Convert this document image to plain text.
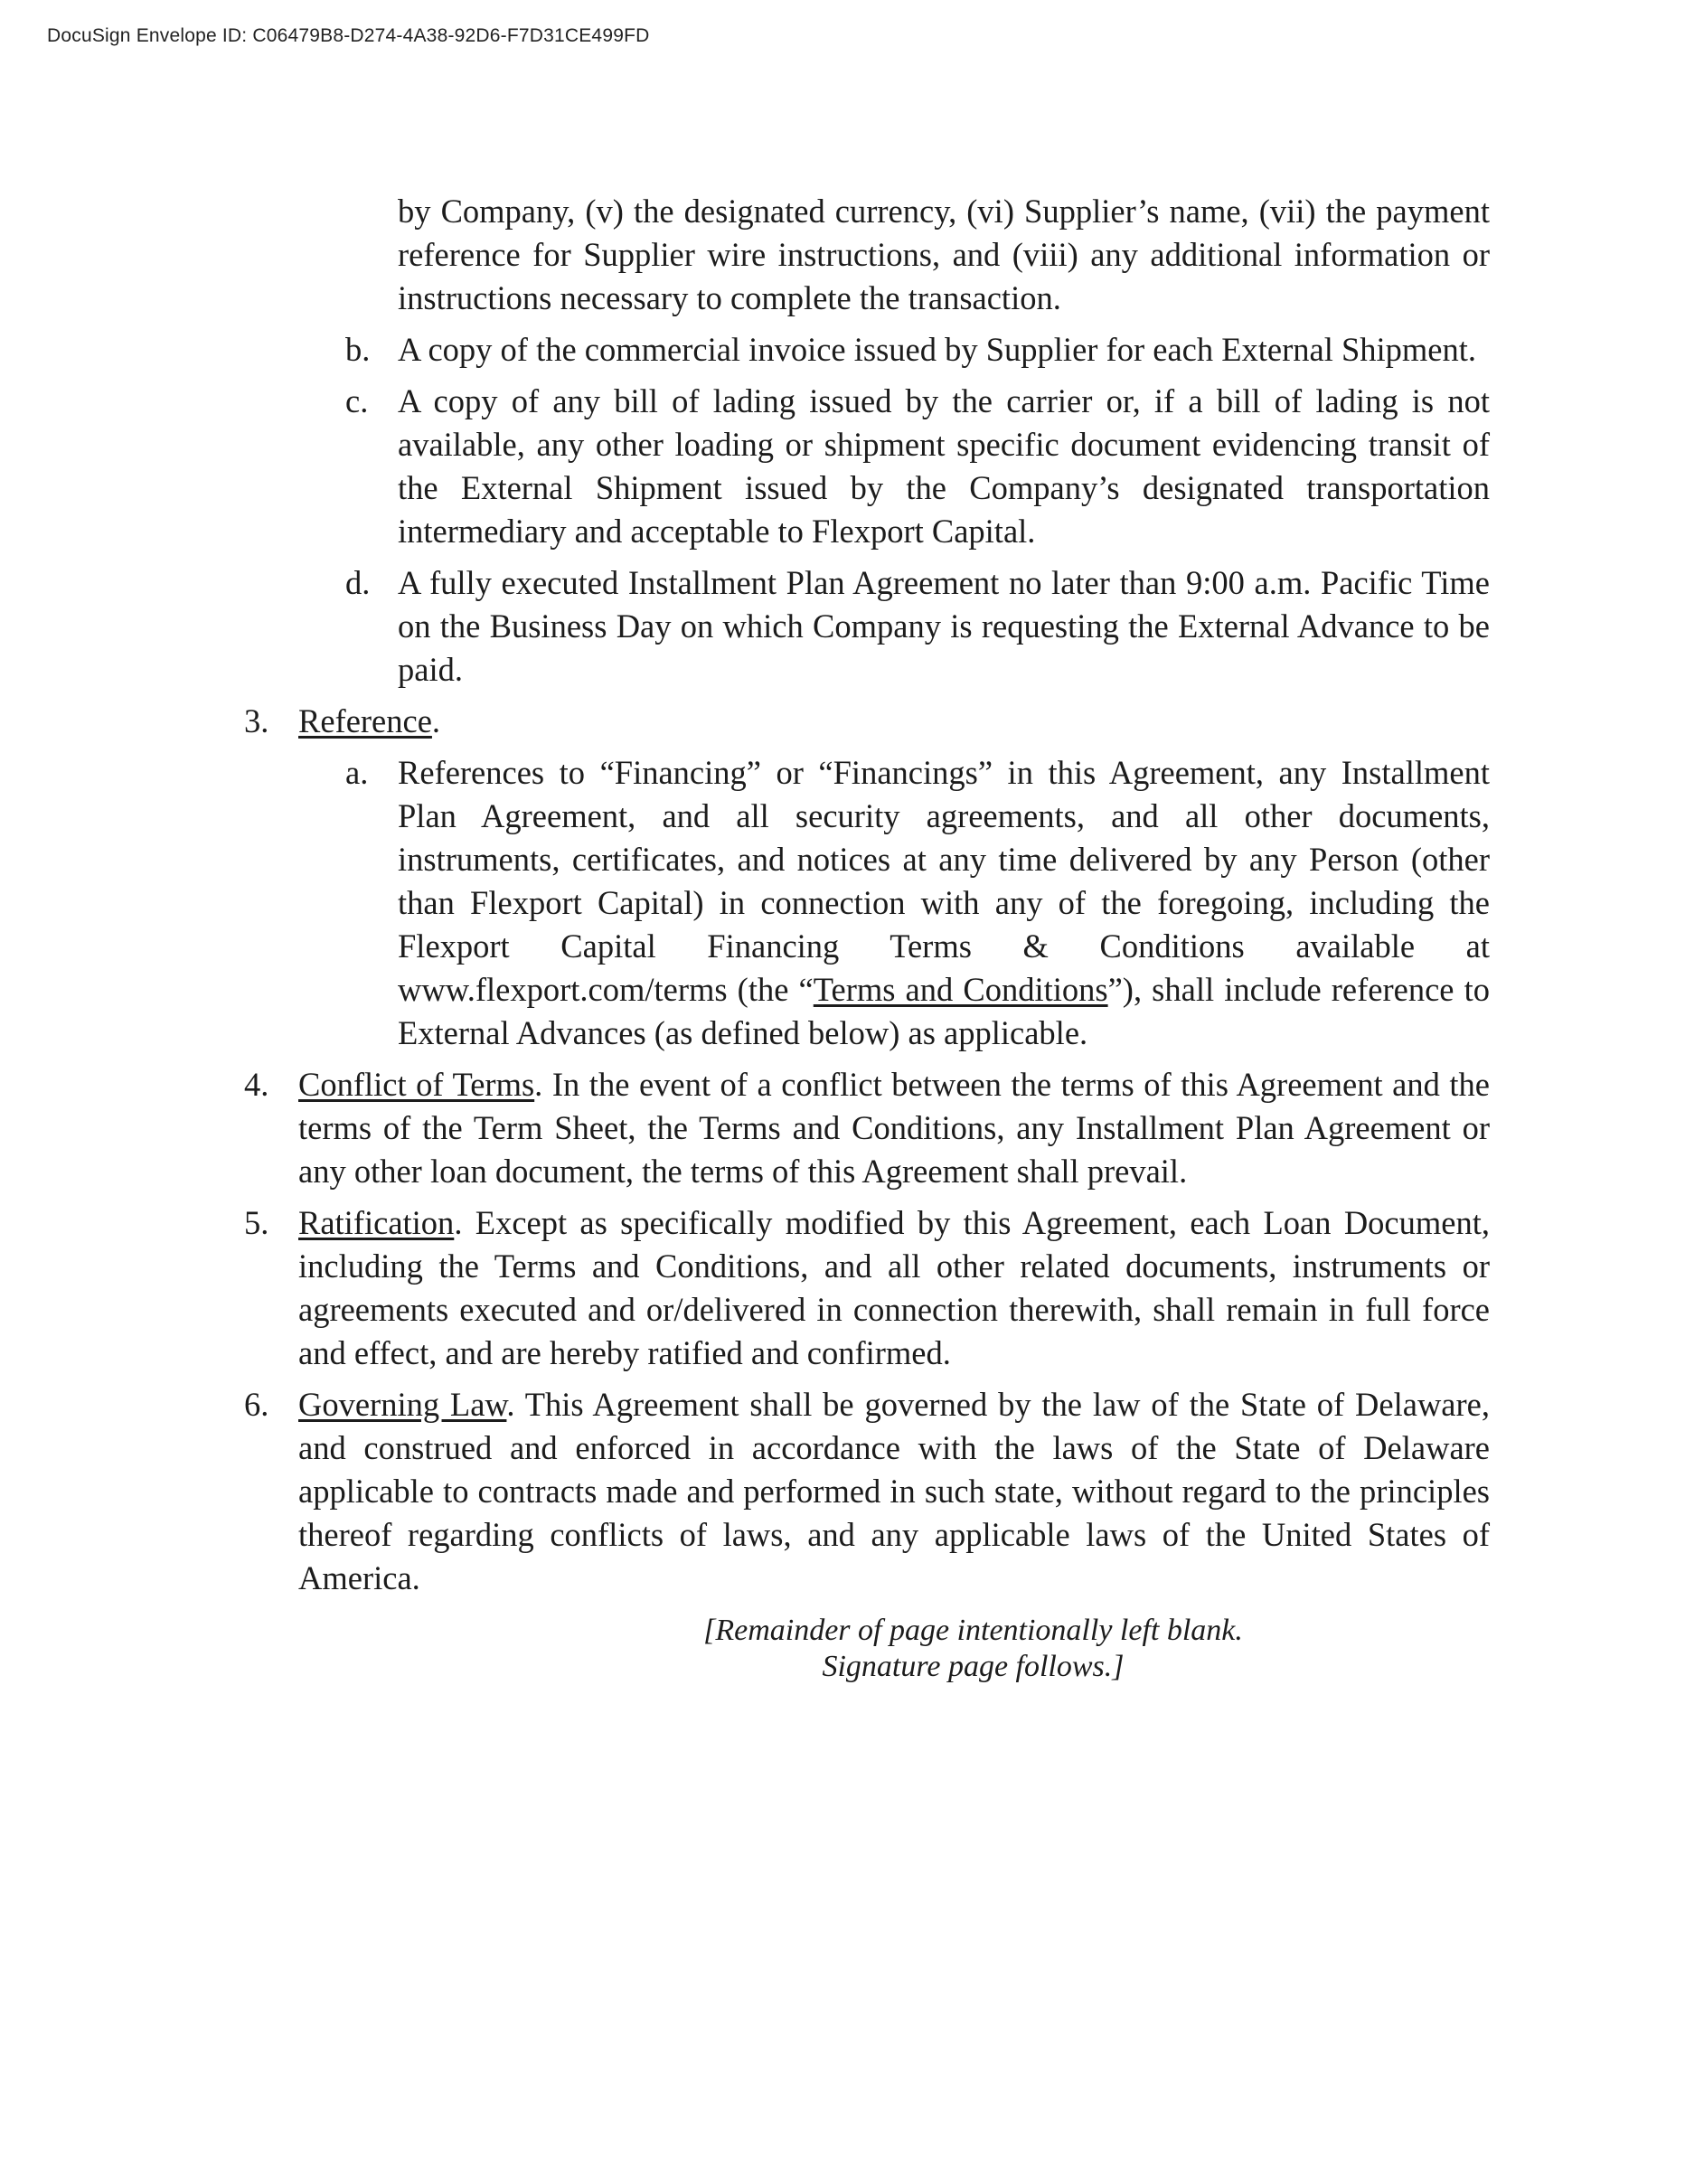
DocuSign Envelope ID: C06479B8-D274-4A38-92D6-F7D31CE499FD
by Company, (v) the designated currency, (vi) Supplier’s name, (vii) the payment reference for Supplier wire instructions, and (viii) any additional information or instructions necessary to complete the transaction.
b. A copy of the commercial invoice issued by Supplier for each External Shipment.
c. A copy of any bill of lading issued by the carrier or, if a bill of lading is not available, any other loading or shipment specific document evidencing transit of the External Shipment issued by the Company’s designated transportation intermediary and acceptable to Flexport Capital.
d. A fully executed Installment Plan Agreement no later than 9:00 a.m. Pacific Time on the Business Day on which Company is requesting the External Advance to be paid.
3. Reference.
a. References to “Financing” or “Financings” in this Agreement, any Installment Plan Agreement, and all security agreements, and all other documents, instruments, certificates, and notices at any time delivered by any Person (other than Flexport Capital) in connection with any of the foregoing, including the Flexport Capital Financing Terms & Conditions available at www.flexport.com/terms (the “Terms and Conditions”), shall include reference to External Advances (as defined below) as applicable.
4. Conflict of Terms. In the event of a conflict between the terms of this Agreement and the terms of the Term Sheet, the Terms and Conditions, any Installment Plan Agreement or any other loan document, the terms of this Agreement shall prevail.
5. Ratification. Except as specifically modified by this Agreement, each Loan Document, including the Terms and Conditions, and all other related documents, instruments or agreements executed and or/delivered in connection therewith, shall remain in full force and effect, and are hereby ratified and confirmed.
6. Governing Law. This Agreement shall be governed by the law of the State of Delaware, and construed and enforced in accordance with the laws of the State of Delaware applicable to contracts made and performed in such state, without regard to the principles thereof regarding conflicts of laws, and any applicable laws of the United States of America.
[Remainder of page intentionally left blank.
Signature page follows.]
